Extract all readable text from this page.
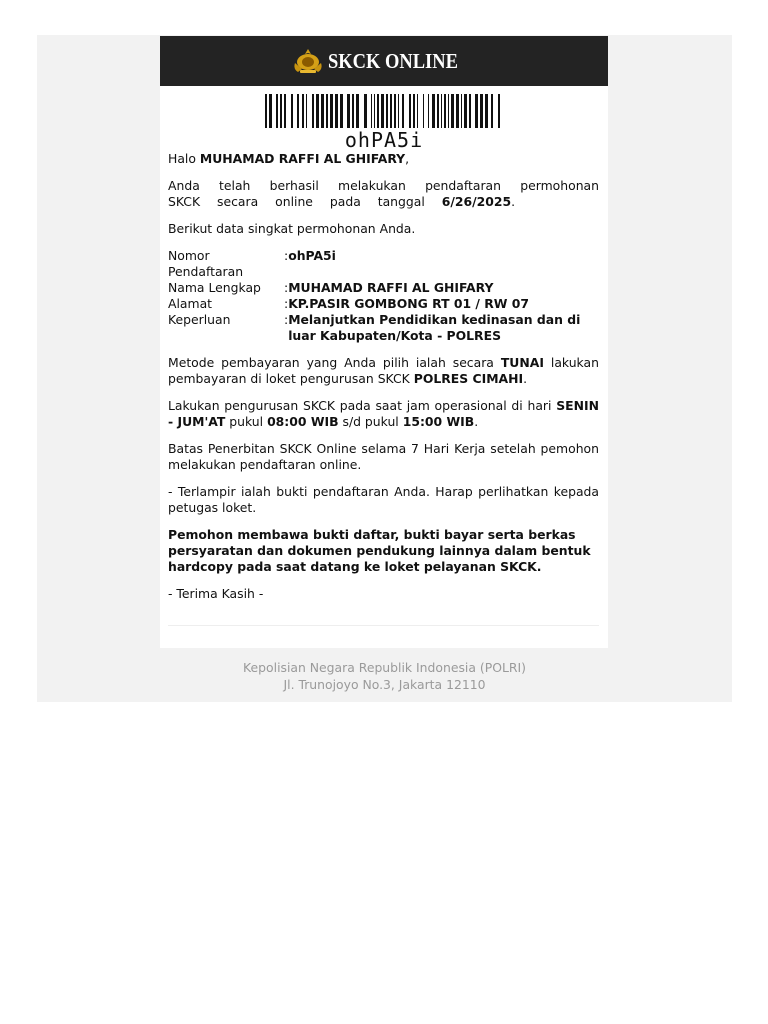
SKCK ONLINE
ohPA5i

Halo MUHAMAD RAFFI AL GHIFARY,

Anda telah berhasil melakukan pendaftaran permohonan SKCK secara online pada tanggal 6/26/2025.

Berikut data singkat permohonan Anda.

Nomor Pendaftaran	:	ohPA5i
Nama Lengkap	:	MUHAMAD RAFFI AL GHIFARY
Alamat	:	KP.PASIR GOMBONG RT 01 / RW 07
Keperluan	:	Melanjutkan Pendidikan kedinasan dan di luar Kabupaten/Kota - POLRES

Metode pembayaran yang Anda pilih ialah secara TUNAI lakukan pembayaran di loket pengurusan SKCK POLRES CIMAHI.

Lakukan pengurusan SKCK pada saat jam operasional di hari SENIN - JUM'AT pukul 08:00 WIB s/d pukul 15:00 WIB.

Batas Penerbitan SKCK Online selama 7 Hari Kerja setelah pemohon melakukan pendaftaran online.

- Terlampir ialah bukti pendaftaran Anda. Harap perlihatkan kepada petugas loket.

Pemohon membawa bukti daftar, bukti bayar serta berkas persyaratan dan dokumen pendukung lainnya dalam bentuk hardcopy pada saat datang ke loket pelayanan SKCK.

- Terima Kasih -

Kepolisian Negara Republik Indonesia (POLRI)
Jl. Trunojoyo No.3, Jakarta 12110
